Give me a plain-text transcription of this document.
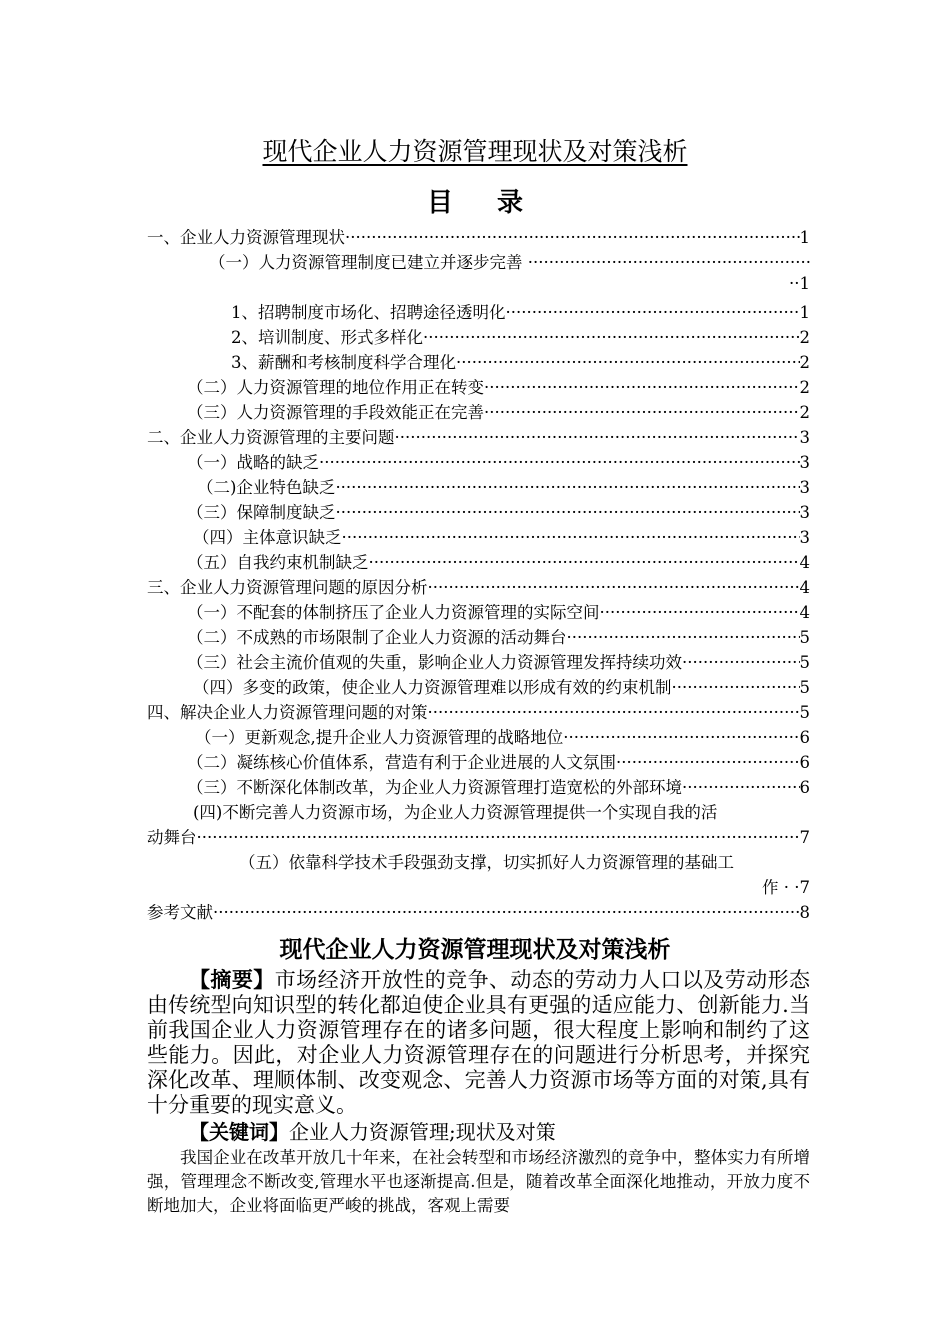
现代企业人力资源管理现状及对策浅析
目录
一、企业人力资源管理现状 ·····	1
（一）人力资源管理制度已建立并逐步完善 ·
·····
··1
1、招聘制度市场化、招聘途径透明化 ·····	1
2、培训制度、形式多样化 ·····	2
3、薪酬和考核制度科学合理化 ·····	2
（二）人力资源管理的地位作用正在转变 ·····	2
（三）人力资源管理的手段效能正在完善 ·····	2
二、企业人力资源管理的主要问题 ·····	3
（一）战略的缺乏 ·····	3
（二)企业特色缺乏 ·····	3
（三）保障制度缺乏 ·····	3
（四）主体意识缺乏 ·····	3
（五）自我约束机制缺乏 ·····	4
三、企业人力资源管理问题的原因分析 ·····	4
（一）不配套的体制挤压了企业人力资源管理的实际空间 ·····	4
（二）不成熟的市场限制了企业人力资源的活动舞台 ·····	5
（三）社会主流价值观的失重，影响企业人力资源管理发挥持续功效 ·····	5
（四）多变的政策，使企业人力资源管理难以形成有效的约束机制 ·····	5
四、解决企业人力资源管理问题的对策 ·····	5
（一）更新观念,提升企业人力资源管理的战略地位 ·····	6
（二）凝练核心价值体系，营造有利于企业进展的人文氛围 ·····	6
（三）不断深化体制改革，为企业人力资源管理打造宽松的外部环境 ·····	6
(四)不断完善人力资源市场，为企业人力资源管理提供一个实现自我的活
动舞台 ·····	7
（五）依靠科学技术手段强劲支撑，切实抓好人力资源管理的基础工
作 · ·7
参考文献 ·····	8
现代企业人力资源管理现状及对策浅析

【摘要】市场经济开放性的竞争、动态的劳动力人口以及劳动形态由传统型向知识型的转化都迫使企业具有更强的适应能力、创新能力.当前我国企业人力资源管理存在的诸多问题，很大程度上影响和制约了这些能力。因此，对企业人力资源管理存在的问题进行分析思考，并探究深化改革、理顺体制、改变观念、完善人力资源市场等方面的对策,具有十分重要的现实意义。

【关键词】企业人力资源管理;现状及对策

我国企业在改革开放几十年来，在社会转型和市场经济激烈的竞争中，整体实力有所增强，管理理念不断改变,管理水平也逐渐提高.但是，随着改革全面深化地推动，开放力度不断地加大，企业将面临更严峻的挑战，客观上需要
